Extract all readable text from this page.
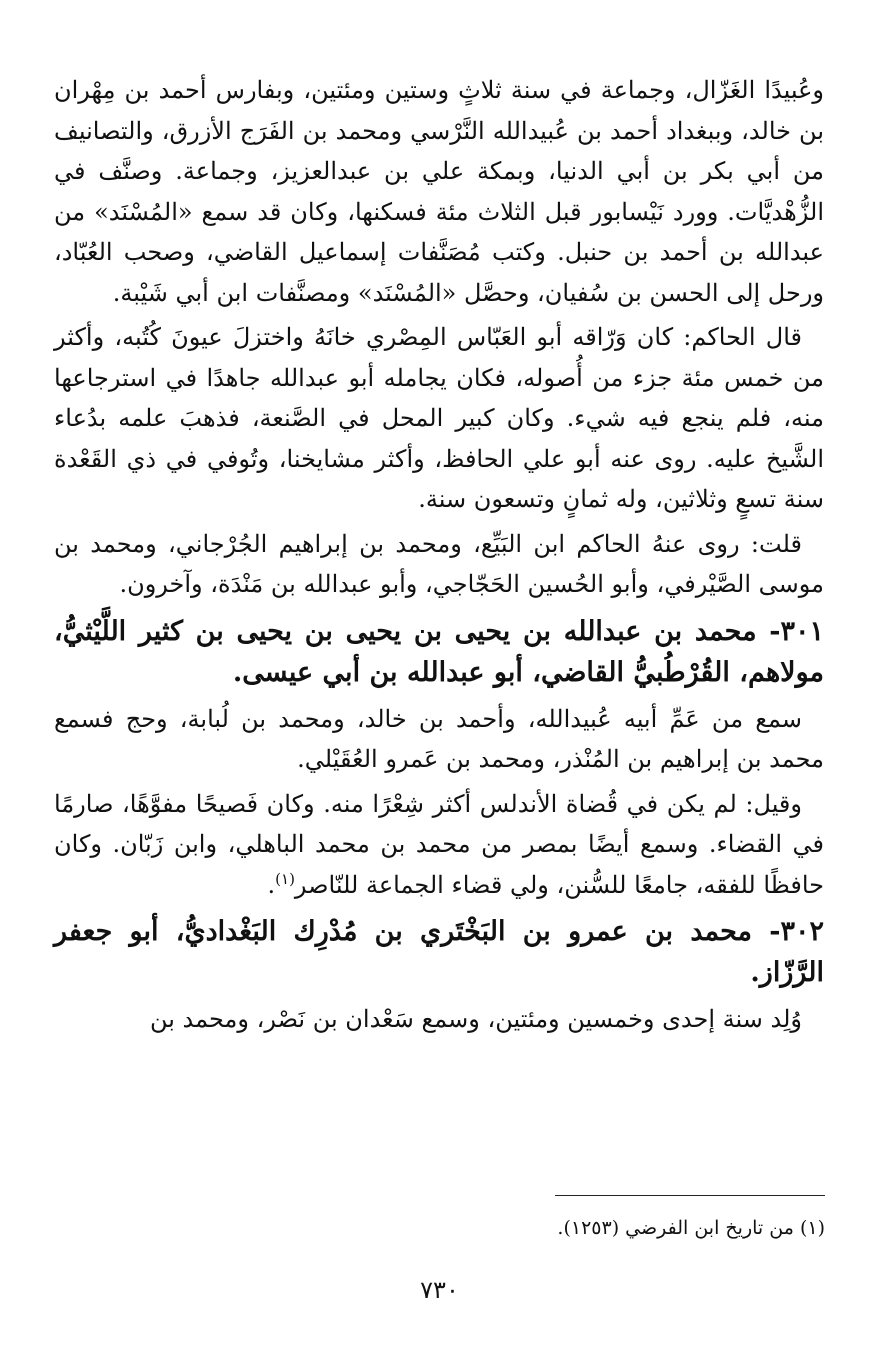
وعُبيدًا الغَزّال، وجماعة في سنة ثلاثٍ وستين ومئتين، وبفارس أحمد بن مِهْران بن خالد، وببغداد أحمد بن عُبيدالله النَّرْسي ومحمد بن الفَرَج الأزرق، والتصانيف من أبي بكر بن أبي الدنيا، وبمكة علي بن عبدالعزيز، وجماعة. وصنَّف في الزُّهْديَّات. وورد نَيْسابور قبل الثلاث مئة فسكنها، وكان قد سمع «المُسْنَد» من عبدالله بن أحمد بن حنبل. وكتب مُصَنَّفات إسماعيل القاضي، وصحب العُبّاد، ورحل إلى الحسن بن سُفيان، وحصَّل «المُسْنَد» ومصنَّفات ابن أبي شَيْبة.

قال الحاكم: كان وَرّاقه أبو العَبّاس المِصْري خانَهُ واختزلَ عيونَ كُتُبه، وأكثر من خمس مئة جزء من أُصوله، فكان يجامله أبو عبدالله جاهدًا في استرجاعها منه، فلم ينجع فيه شيء. وكان كبير المحل في الصَّنعة، فذهبَ علمه بدُعاء الشَّيخ عليه. روى عنه أبو علي الحافظ، وأكثر مشايخنا، وتُوفي في ذي القَعْدة سنة تسعٍ وثلاثين، وله ثمانٍ وتسعون سنة.

قلت: روى عنهُ الحاكم ابن البَيِّع، ومحمد بن إبراهيم الجُرْجاني، ومحمد بن موسى الصَّيْرفي، وأبو الحُسين الحَجّاجي، وأبو عبدالله بن مَنْدَة، وآخرون.

٣٠١- محمد بن عبدالله بن يحيى بن يحيى بن يحيى بن كثير اللَّيْثيُّ، مولاهم، القُرْطُبيُّ القاضي، أبو عبدالله بن أبي عيسى.

سمع من عَمِّ أبيه عُبيدالله، وأحمد بن خالد، ومحمد بن لُبابة، وحج فسمع محمد بن إبراهيم بن المُنْذر، ومحمد بن عَمرو العُقَيْلي.

وقيل: لم يكن في قُضاة الأندلس أكثر شِعْرًا منه. وكان فَصيحًا مفوَّهًا، صارمًا في القضاء. وسمع أيضًا بمصر من محمد بن محمد الباهلي، وابن زَبّان. وكان حافظًا للفقه، جامعًا للسُّنن، ولي قضاء الجماعة للنّاصر$^{(١)}$.

٣٠٢- محمد بن عمرو بن البَخْتَري بن مُدْرِك البَغْداديُّ، أبو جعفر الرَّزّاز.

وُلِد سنة إحدى وخمسين ومئتين، وسمع سَعْدان بن نَصْر، ومحمد بن

(١) من تاريخ ابن الفرضي (١٢٥٣).
٧٣٠
